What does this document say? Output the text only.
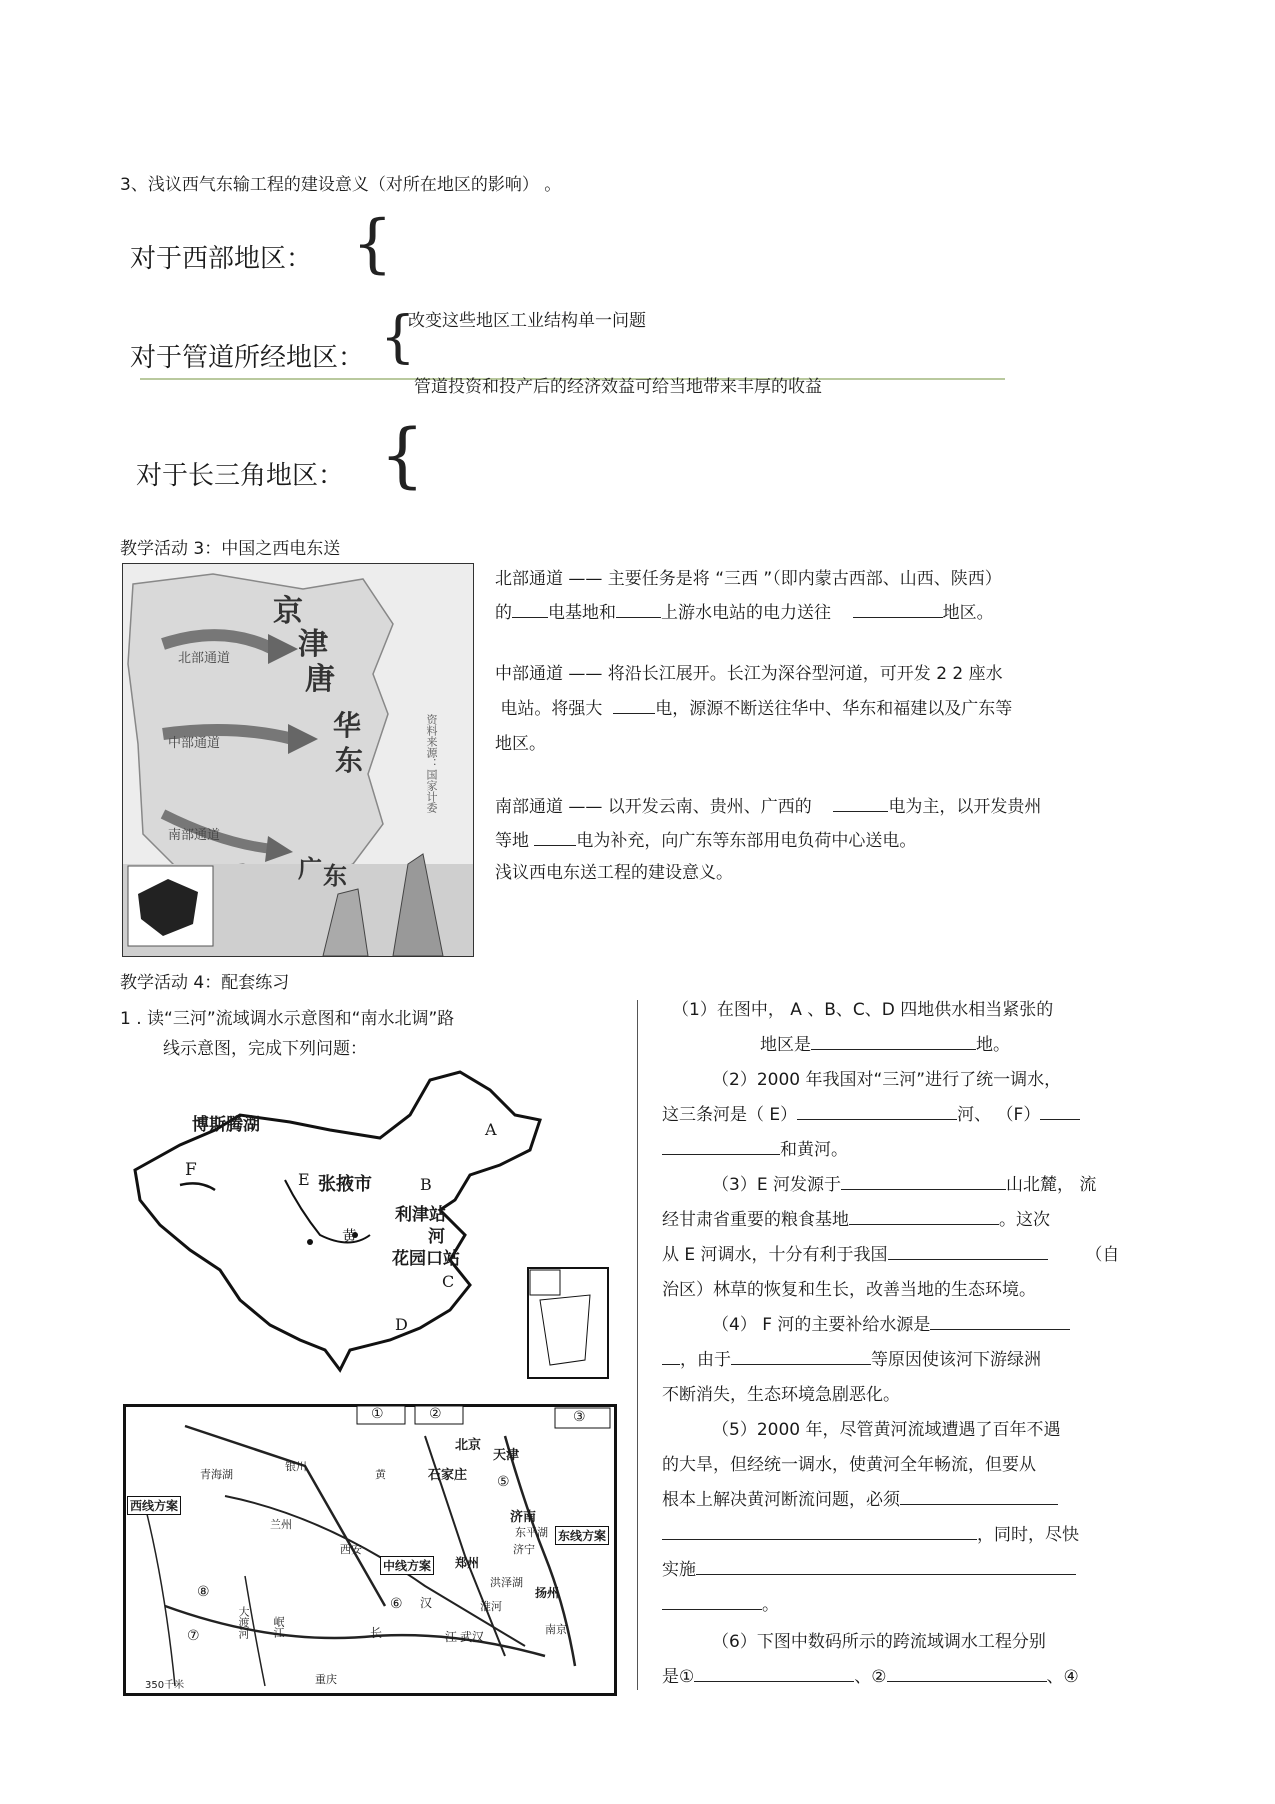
3、浅议西气东输工程的建设意义（对所在地区的影响） 。
对于西部地区： {
对于管道所经地区： {
改变这些地区工业结构单一问题
管道投资和投产后的经济效益可给当地带来丰厚的收益
对于长三角地区： {
教学活动 3：中国之西电东送
京
津
唐
华
东
广 东
北部通道
中部通道
南部通道
资料来源：国家计委
北部通道 —— 主要任务是将 “三西 ”（即内蒙古西部、山西、陕西）
的 电基地和	上游水电站的电力送往	地区。
中部通道 —— 将沿长江展开。长江为深谷型河道，可开发 2 2 座水
电站。将强大	电，源源不断送往华中、华东和福建以及广东等
地区。
南部通道 —— 以开发云南、贵州、广西的	电为主，以开发贵州
等地	电为补充，向广东等东部用电负荷中心送电。
浅议西电东送工程的建设意义。
教学活动 4：配套练习
1 . 读“三河”流域调水示意图和“南水北调”路
线示意图，完成下列问题：
博斯腾湖
F	E 张掖市	B
利津站
河
花园口站
黄
A
C
D
①	②	③
青海湖
银川
黄
北京
天津
石家庄
济南
东平湖
济宁
兰州
西安
中线方案 郑州
洪泽湖
扬州
⑥ 汉
长	江 武汉
南京
淮河
大渡河 岷江
重庆
⑦
⑧
⑤
西线方案
东线方案
350千米
（1）在图中， A 、B、C、D 四地供水相当紧张的
地区是	地。
（2）2000 年我国对“三河”进行了统一调水，
这三条河是（ E）	河、 （F）
和黄河。
（3）E 河发源于	山北麓， 流
经甘肃省重要的粮食基地	。这次
从 E 河调水，十分有利于我国	（自
治区）林草的恢复和生长，改善当地的生态环境。
（4） F 河的主要补给水源是
，由于	等原因使该河下游绿洲
不断消失，生态环境急剧恶化。
（5）2000 年，尽管黄河流域遭遇了百年不遇
的大旱，但经统一调水，使黄河全年畅流，但要从
根本上解决黄河断流问题，必须
，同时，尽快
实施
。
（6）下图中数码所示的跨流域调水工程分别
是①	、②	、④
